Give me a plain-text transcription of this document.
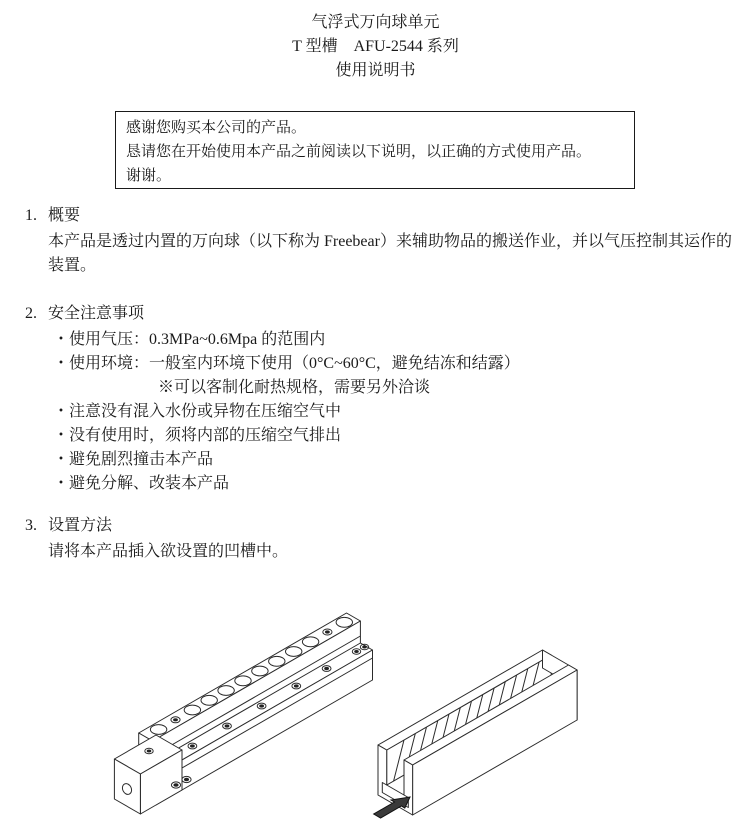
气浮式万向球单元
T 型槽　AFU-2544 系列
使用说明书
感谢您购买本公司的产品。
恳请您在开始使用本产品之前阅读以下说明，以正确的方式使用产品。
谢谢。
1. 概要
本产品是透过内置的万向球（以下称为 Freebear）来辅助物品的搬送作业，并以气压控制其运作的装置。
2. 安全注意事项
・使用气压：0.3MPa~0.6Mpa 的范围内
・使用环境：一般室内环境下使用（0°C~60°C，避免结冻和结露）
※可以客制化耐热规格，需要另外洽谈
・注意没有混入水份或异物在压缩空气中
・没有使用时，须将内部的压缩空气排出
・避免剧烈撞击本产品
・避免分解、改装本产品
3. 设置方法
请将本产品插入欲设置的凹槽中。
